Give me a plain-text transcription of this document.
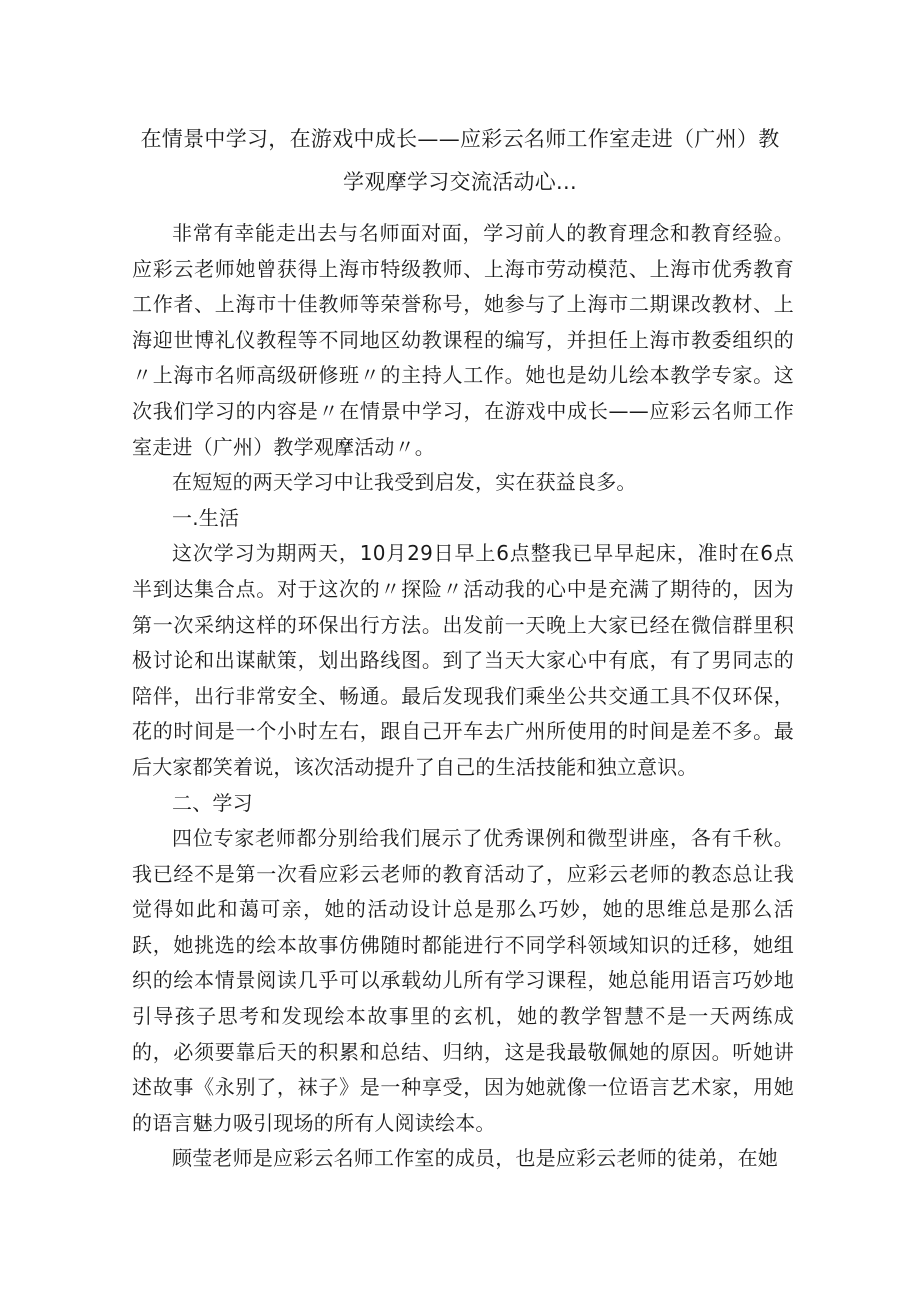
在情景中学习，在游戏中成长——应彩云名师工作室走进（广州）教学观摩学习交流活动心...

非常有幸能走出去与名师面对面，学习前人的教育理念和教育经验。应彩云老师她曾获得上海市特级教师、上海市劳动模范、上海市优秀教育工作者、上海市十佳教师等荣誉称号，她参与了上海市二期课改教材、上海迎世博礼仪教程等不同地区幼教课程的编写，并担任上海市教委组织的〃上海市名师高级研修班〃的主持人工作。她也是幼儿绘本教学专家。这次我们学习的内容是〃在情景中学习，在游戏中成长——应彩云名师工作室走进（广州）教学观摩活动〃。

在短短的两天学习中让我受到启发，实在获益良多。

一.生活

这次学习为期两天，10月29日早上6点整我已早早起床，准时在6点半到达集合点。对于这次的〃探险〃活动我的心中是充满了期待的，因为第一次采纳这样的环保出行方法。出发前一天晚上大家已经在微信群里积极讨论和出谋献策，划出路线图。到了当天大家心中有底，有了男同志的陪伴，出行非常安全、畅通。最后发现我们乘坐公共交通工具不仅环保，花的时间是一个小时左右，跟自己开车去广州所使用的时间是差不多。最后大家都笑着说，该次活动提升了自己的生活技能和独立意识。

二、学习

四位专家老师都分别给我们展示了优秀课例和微型讲座，各有千秋。我已经不是第一次看应彩云老师的教育活动了，应彩云老师的教态总让我觉得如此和蔼可亲，她的活动设计总是那么巧妙，她的思维总是那么活跃，她挑选的绘本故事仿佛随时都能进行不同学科领域知识的迁移，她组织的绘本情景阅读几乎可以承载幼儿所有学习课程，她总能用语言巧妙地引导孩子思考和发现绘本故事里的玄机，她的教学智慧不是一天两练成的，必须要靠后天的积累和总结、归纳，这是我最敬佩她的原因。听她讲述故事《永别了，袜子》是一种享受，因为她就像一位语言艺术家，用她的语言魅力吸引现场的所有人阅读绘本。

顾莹老师是应彩云名师工作室的成员，也是应彩云老师的徒弟，在她
